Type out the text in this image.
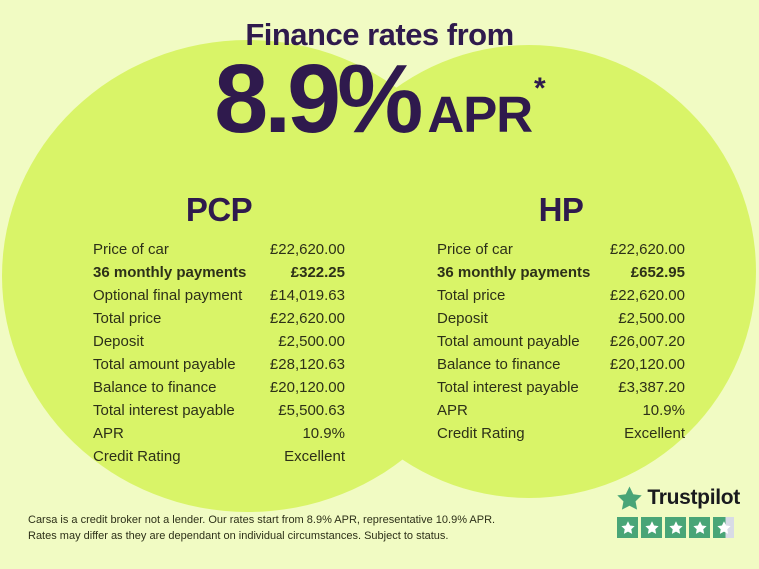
Finance rates from
8.9% APR*
PCP
Price of car	£22,620.00
36 monthly payments	£322.25
Optional final payment £14,019.63
Total price	£22,620.00
Deposit	£2,500.00
Total amount payable £28,120.63
Balance to finance	£20,120.00
Total interest payable	£5,500.63
APR	10.9%
Credit Rating	Excellent
HP
Price of car	£22,620.00
36 monthly payments	£652.95
Total price	£22,620.00
Deposit	£2,500.00
Total amount payable £26,007.20
Balance to finance	£20,120.00
Total interest payable	£3,387.20
APR	10.9%
Credit Rating	Excellent
Carsa is a credit broker not a lender. Our rates start from 8.9% APR, representative 10.9% APR.
Rates may differ as they are dependant on individual circumstances. Subject to status.
Trustpilot
